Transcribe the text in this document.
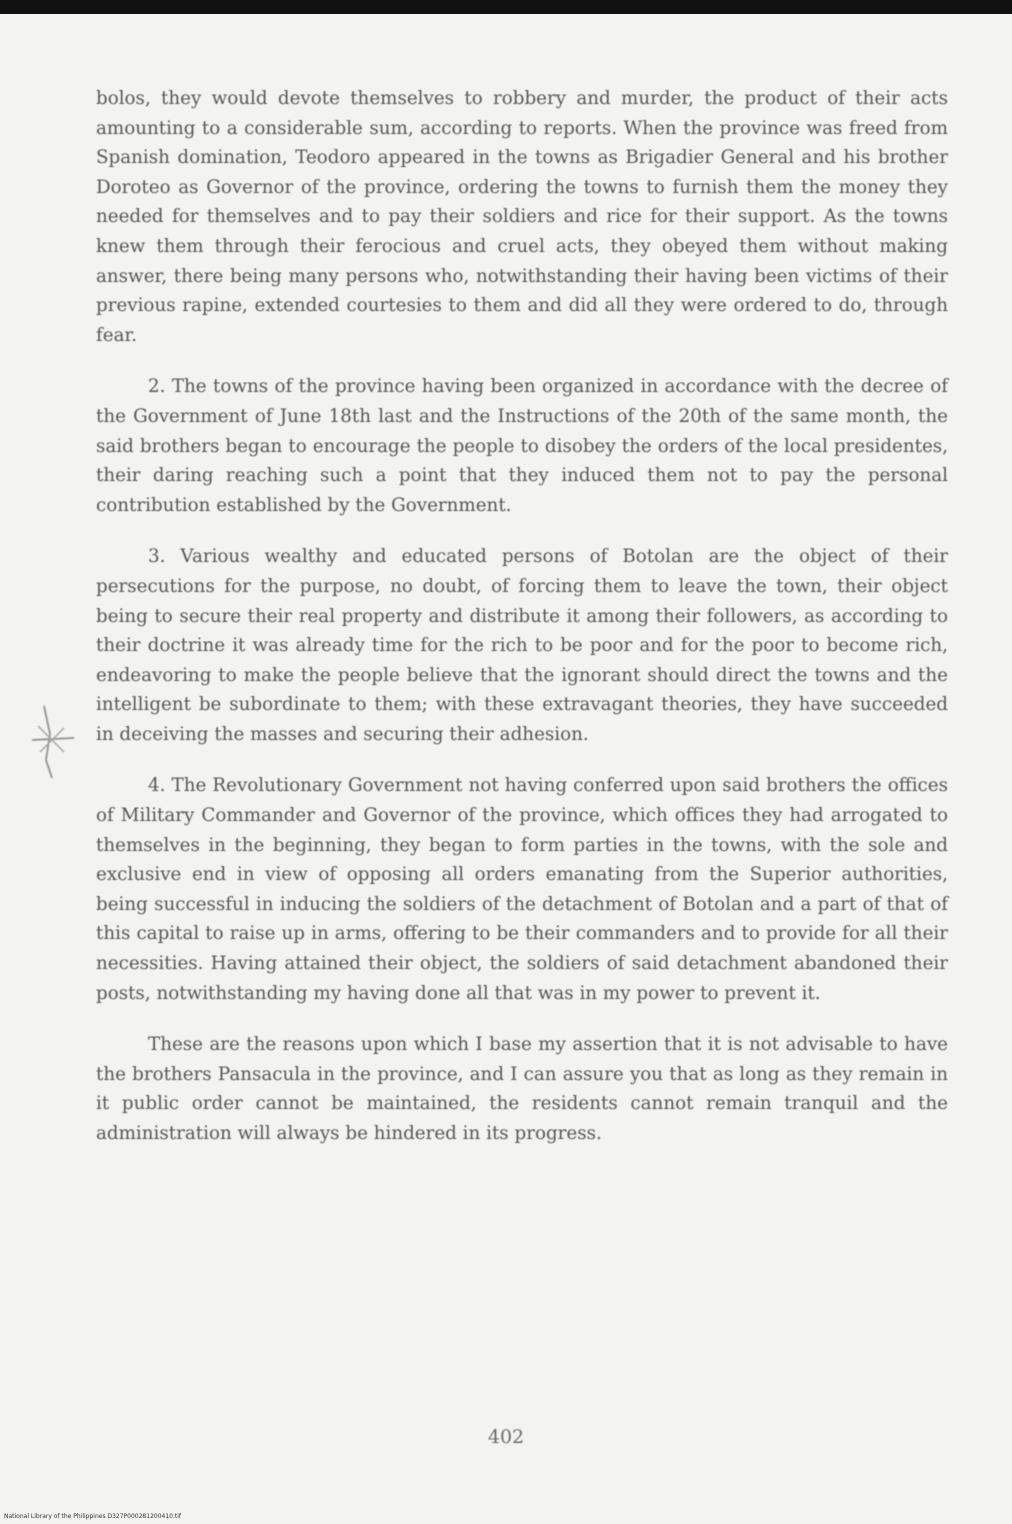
bolos, they would devote themselves to robbery and murder, the product of their acts amounting to a considerable sum, according to reports. When the province was freed from Spanish domination, Teodoro appeared in the towns as Brigadier General and his brother Doroteo as Governor of the province, ordering the towns to furnish them the money they needed for themselves and to pay their soldiers and rice for their support. As the towns knew them through their ferocious and cruel acts, they obeyed them without making answer, there being many persons who, notwithstanding their having been victims of their previous rapine, extended courtesies to them and did all they were ordered to do, through fear.

2. The towns of the province having been organized in accordance with the decree of the Government of June 18th last and the Instructions of the 20th of the same month, the said brothers began to encourage the people to disobey the orders of the local presidentes, their daring reaching such a point that they induced them not to pay the personal contribution established by the Government.

3. Various wealthy and educated persons of Botolan are the object of their persecutions for the purpose, no doubt, of forcing them to leave the town, their object being to secure their real property and distribute it among their followers, as according to their doctrine it was already time for the rich to be poor and for the poor to become rich, endeavoring to make the people believe that the ignorant should direct the towns and the intelligent be subordinate to them; with these extravagant theories, they have succeeded in deceiving the masses and securing their adhesion.

4. The Revolutionary Government not having conferred upon said brothers the offices of Military Commander and Governor of the province, which offices they had arrogated to themselves in the beginning, they began to form parties in the towns, with the sole and exclusive end in view of opposing all orders emanating from the Superior authorities, being successful in inducing the soldiers of the detachment of Botolan and a part of that of this capital to raise up in arms, offering to be their commanders and to provide for all their necessities. Having attained their object, the soldiers of said detachment abandoned their posts, notwithstanding my having done all that was in my power to prevent it.

These are the reasons upon which I base my assertion that it is not advisable to have the brothers Pansacula in the province, and I can assure you that as long as they remain in it public order cannot be maintained, the residents cannot remain tranquil and the administration will always be hindered in its progress.

402
National Library of the Philippines D327P000281200410.tif
